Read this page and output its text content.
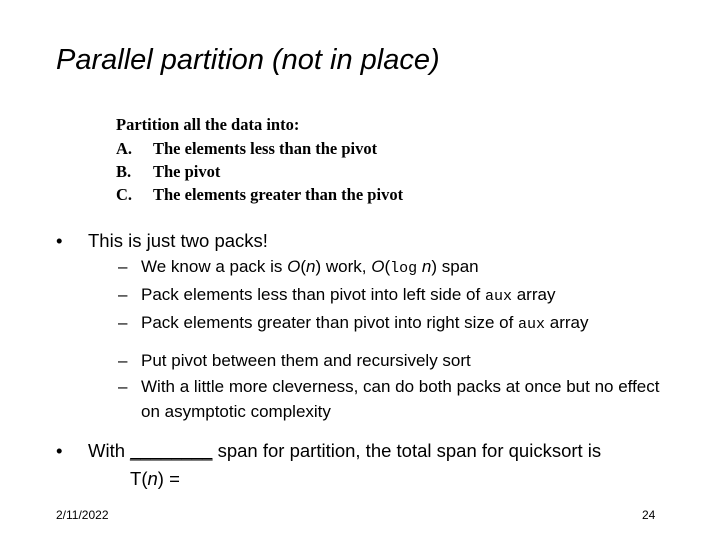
Parallel partition (not in place)
Partition all the data into:
A.	The elements less than the pivot
B.	The pivot
C.	The elements greater than the pivot
•	This is just two packs!
– We know a pack is O(n) work, O(log n) span
– Pack elements less than pivot into left side of aux array
– Pack elements greater than pivot into right size of aux array
– Put pivot between them and recursively sort
– With a little more cleverness, can do both packs at once but no effect on asymptotic complexity
•	With ________ span for partition, the total span for quicksort is
T(n) =
2/11/2022	24
